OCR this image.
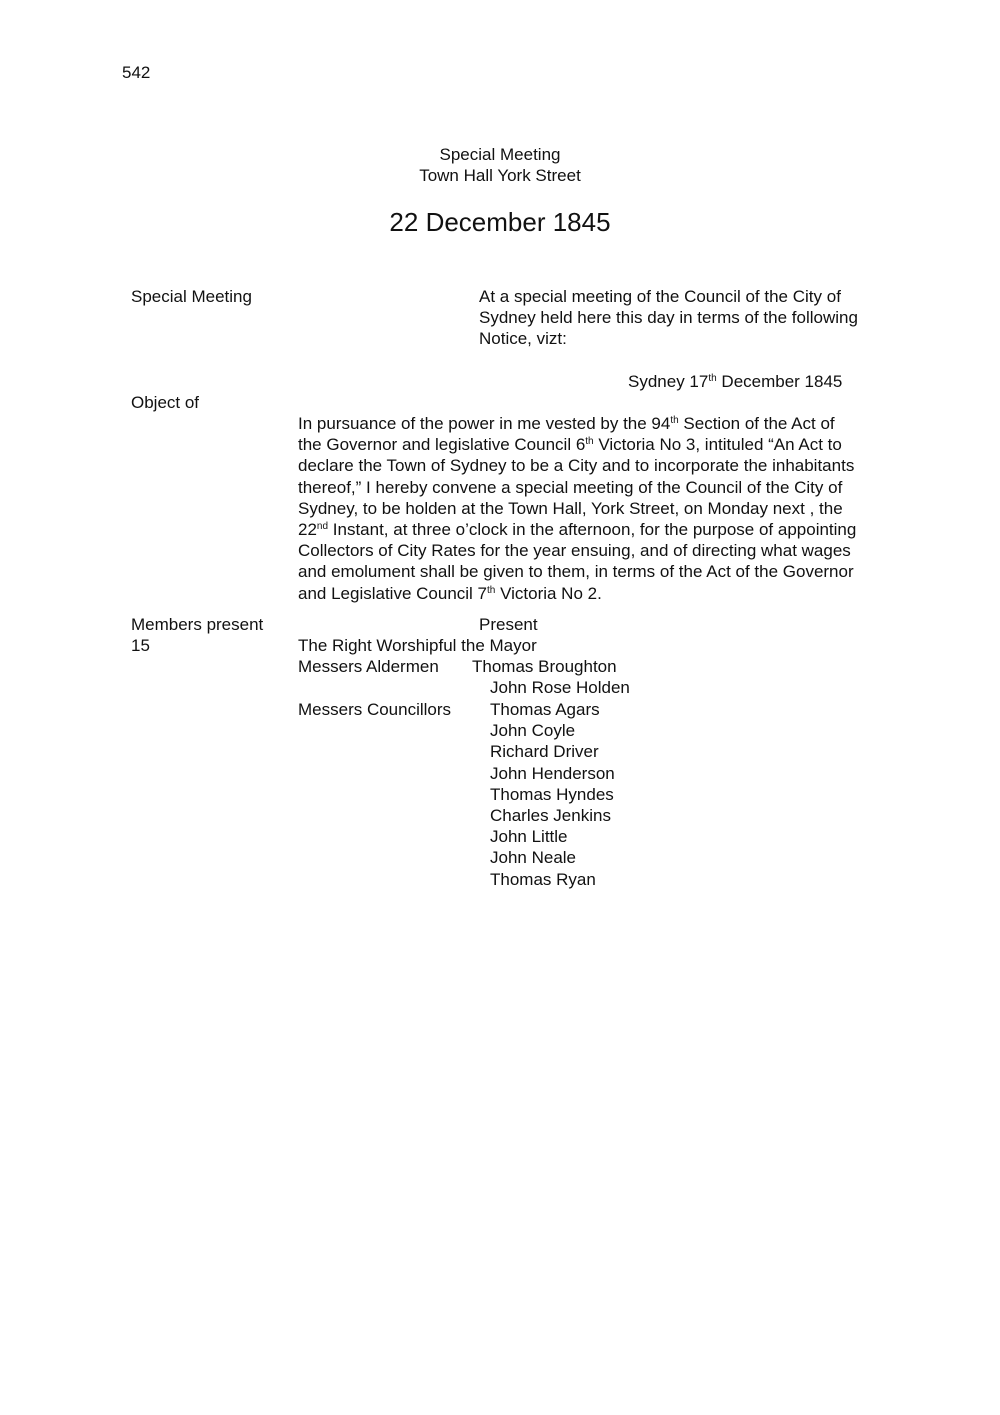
542
Special Meeting
Town Hall York Street
22 December 1845
Special Meeting
Object of
Members present
15
At a special meeting of the Council of the City of
Sydney held here this day in terms of the following
Notice, vizt:
Sydney 17th December 1845
In pursuance of the power in me vested by the 94th Section of the Act of
the Governor and legislative Council 6th Victoria No 3, intituled “An Act to
declare the Town of Sydney to be a City and to incorporate the inhabitants
thereof,” I hereby convene a special meeting of the Council of the City of
Sydney, to be holden at the Town Hall, York Street, on Monday next , the
22nd Instant, at three o’clock in the afternoon, for the purpose of appointing
Collectors of City Rates for the year ensuing, and of directing what wages
and emolument shall be given to them, in terms of the Act of the Governor
and Legislative Council 7th Victoria No 2.
Present
The Right Worshipful the Mayor
Messers Aldermen Thomas Broughton
John Rose Holden
Messers Councillors Thomas Agars
John Coyle
Richard Driver
John Henderson
Thomas Hyndes
Charles Jenkins
John Little
John Neale
Thomas Ryan
